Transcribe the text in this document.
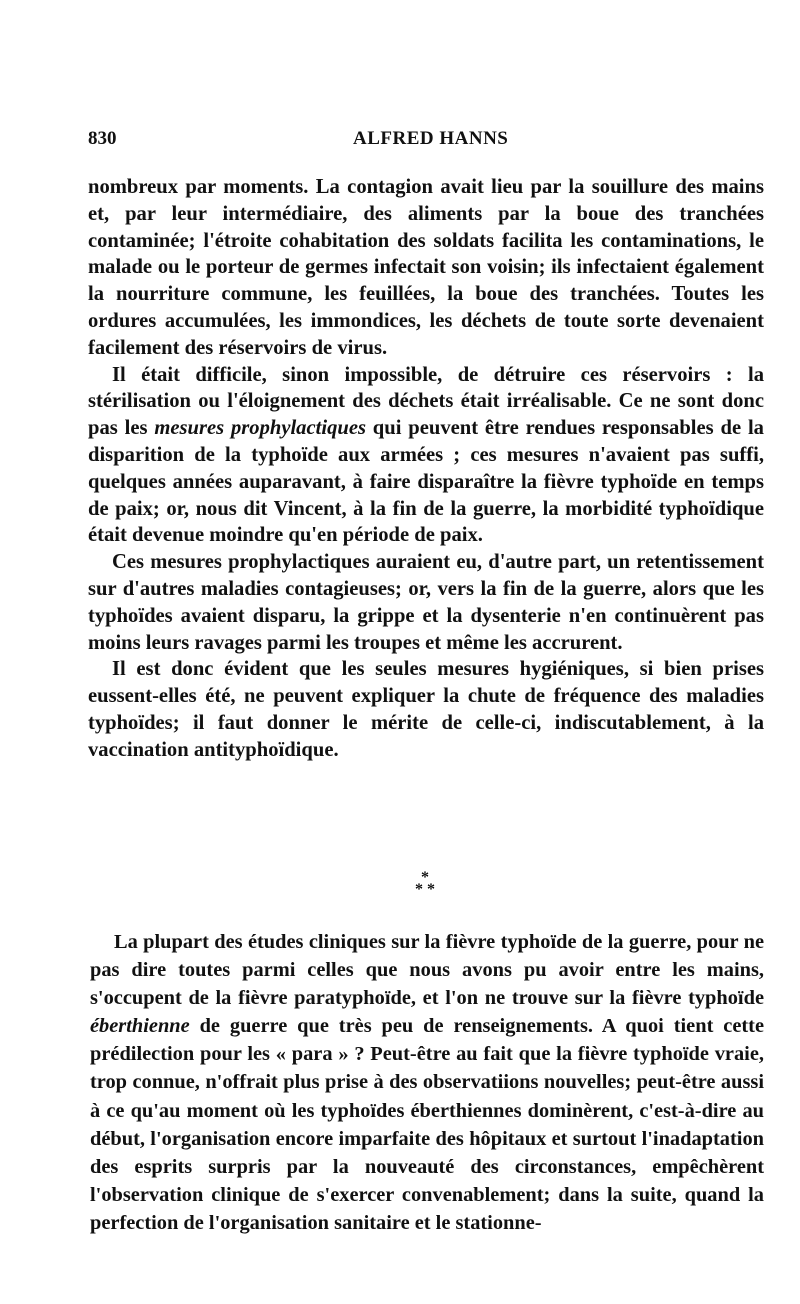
830	ALFRED HANNS

nombreux par moments. La contagion avait lieu par la souillure des mains et, par leur intermédiaire, des aliments par la boue des tranchées contaminée; l'étroite cohabitation des soldats facilita les contaminations, le malade ou le porteur de germes infectait son voisin; ils infectaient également la nourriture commune, les feuillées, la boue des tranchées. Toutes les ordures accumulées, les immondices, les déchets de toute sorte devenaient facilement des réservoirs de virus.

Il était difficile, sinon impossible, de détruire ces réservoirs : la stérilisation ou l'éloignement des déchets était irréalisable. Ce ne sont donc pas les mesures prophylactiques qui peuvent être rendues responsables de la disparition de la typhoïde aux armées ; ces mesures n'avaient pas suffi, quelques années auparavant, à faire disparaître la fièvre typhoïde en temps de paix; or, nous dit Vincent, à la fin de la guerre, la morbidité typhoïdique était devenue moindre qu'en période de paix.

Ces mesures prophylactiques auraient eu, d'autre part, un retentissement sur d'autres maladies contagieuses; or, vers la fin de la guerre, alors que les typhoïdes avaient disparu, la grippe et la dysenterie n'en continuèrent pas moins leurs ravages parmi les troupes et même les accrurent.

Il est donc évident que les seules mesures hygiéniques, si bien prises eussent-elles été, ne peuvent expliquer la chute de fréquence des maladies typhoïdes; il faut donner le mérite de celle-ci, indiscutablement, à la vaccination antityphoïdique.

*
* *

La plupart des études cliniques sur la fièvre typhoïde de la guerre, pour ne pas dire toutes parmi celles que nous avons pu avoir entre les mains, s'occupent de la fièvre paratyphoïde, et l'on ne trouve sur la fièvre typhoïde éberthienne de guerre que très peu de renseignements. A quoi tient cette prédilection pour les « para » ? Peut-être au fait que la fièvre typhoïde vraie, trop connue, n'offrait plus prise à des observatiions nouvelles; peut-être aussi à ce qu'au moment où les typhoïdes éberthiennes dominèrent, c'est-à-dire au début, l'organisation encore imparfaite des hôpitaux et surtout l'inadaptation des esprits surpris par la nouveauté des circonstances, empêchèrent l'observation clinique de s'exercer convenablement; dans la suite, quand la perfection de l'organisation sanitaire et le stationne-
